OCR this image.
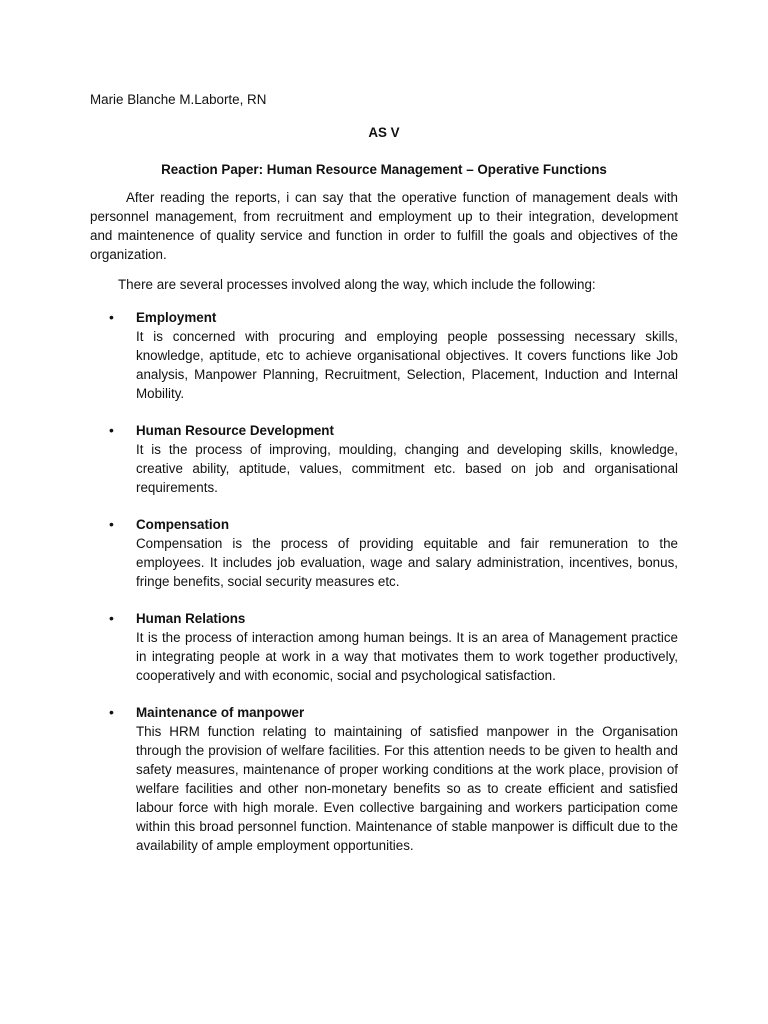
Marie Blanche M.Laborte, RN

AS V

Reaction Paper: Human Resource Management – Operative Functions

After reading the reports, i can say that the operative function of management deals with personnel management, from recruitment and employment up to their integration, development and maintenence of quality service and function in order to fulfill the goals and objectives of the organization.

There are several processes involved along the way, which include the following:

• Employment
It is concerned with procuring and employing people possessing necessary skills, knowledge, aptitude, etc to achieve organisational objectives. It covers functions like Job analysis, Manpower Planning, Recruitment, Selection, Placement, Induction and Internal Mobility.
• Human Resource Development
It is the process of improving, moulding, changing and developing skills, knowledge, creative ability, aptitude, values, commitment etc. based on job and organisational requirements.
• Compensation
Compensation is the process of providing equitable and fair remuneration to the employees. It includes job evaluation, wage and salary administration, incentives, bonus, fringe benefits, social security measures etc.
• Human Relations
It is the process of interaction among human beings. It is an area of Management practice in integrating people at work in a way that motivates them to work together productively, cooperatively and with economic, social and psychological satisfaction.
• Maintenance of manpower
This HRM function relating to maintaining of satisfied manpower in the Organisation through the provision of welfare facilities. For this attention needs to be given to health and safety measures, maintenance of proper working conditions at the work place, provision of welfare facilities and other non-monetary benefits so as to create efficient and satisfied labour force with high morale. Even collective bargaining and workers participation come within this broad personnel function. Maintenance of stable manpower is difficult due to the availability of ample employment opportunities.
